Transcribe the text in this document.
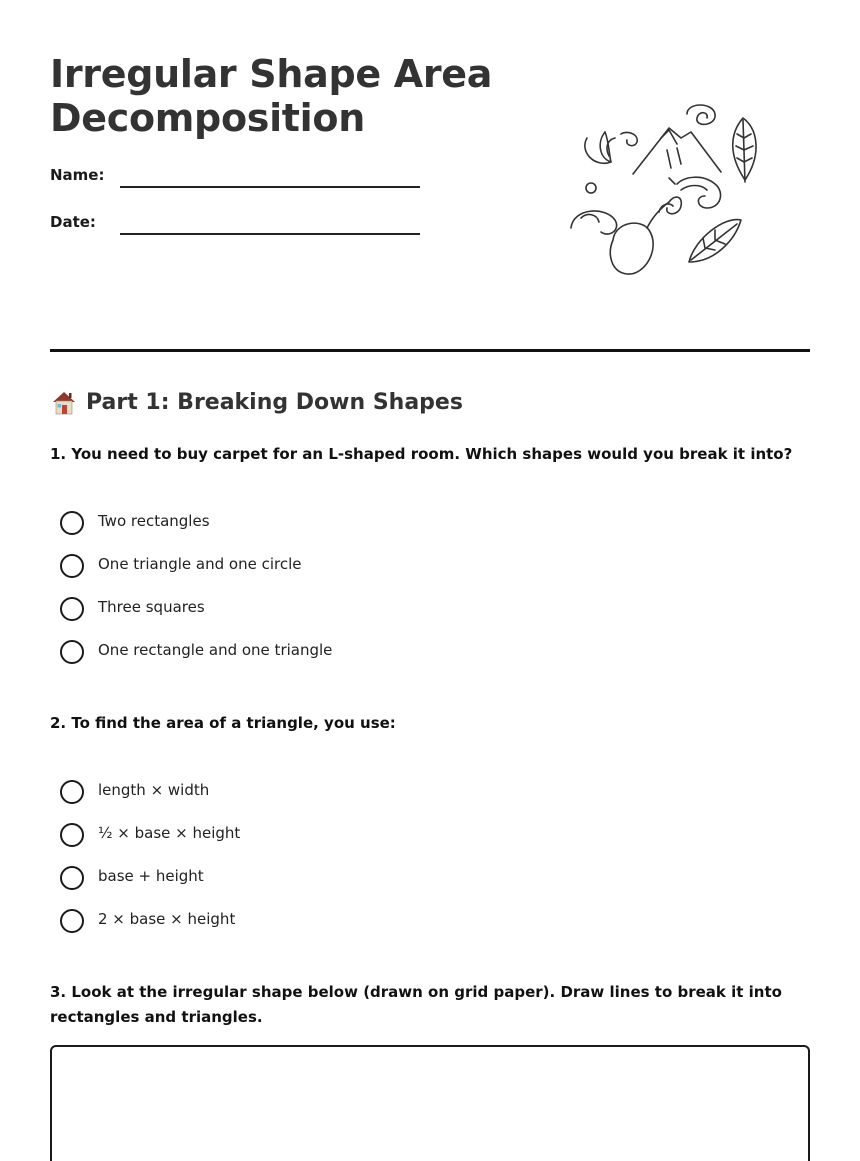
Irregular Shape Area Decomposition
Name:
Date:
Part 1: Breaking Down Shapes
1. You need to buy carpet for an L-shaped room. Which shapes would you break it into?
Two rectangles
One triangle and one circle
Three squares
One rectangle and one triangle
2. To find the area of a triangle, you use:
length × width
½ × base × height
base + height
2 × base × height
3. Look at the irregular shape below (drawn on grid paper). Draw lines to break it into rectangles and triangles.
